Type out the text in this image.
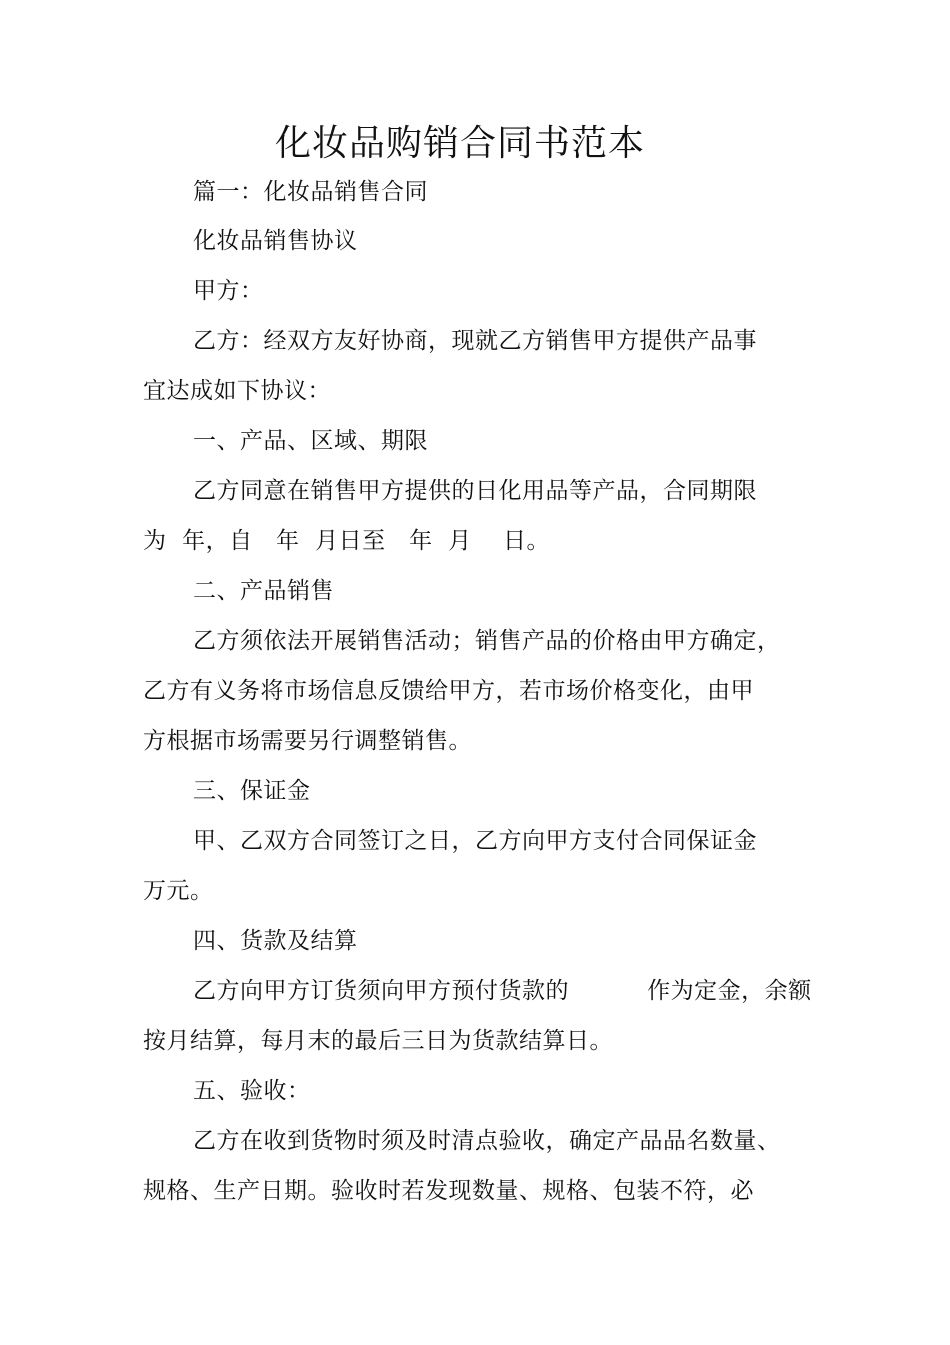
化妆品购销合同书范本
篇一：化妆品销售合同
化妆品销售协议
甲方：
乙方：经双方友好协商，现就乙方销售甲方提供产品事
宜达成如下协议：
一、产品、区域、期限
乙方同意在销售甲方提供的日化用品等产品，合同期限
为  年，自   年  月日至   年  月    日。
二、产品销售
乙方须依法开展销售活动；销售产品的价格由甲方确定，
乙方有义务将市场信息反馈给甲方，若市场价格变化，由甲
方根据市场需要另行调整销售。
三、保证金
甲、乙双方合同签订之日，乙方向甲方支付合同保证金
万元。
四、货款及结算
乙方向甲方订货须向甲方预付货款的          作为定金，余额
按月结算，每月末的最后三日为货款结算日。
五、验收：
乙方在收到货物时须及时清点验收，确定产品品名数量、
规格、生产日期。验收时若发现数量、规格、包装不符，必
